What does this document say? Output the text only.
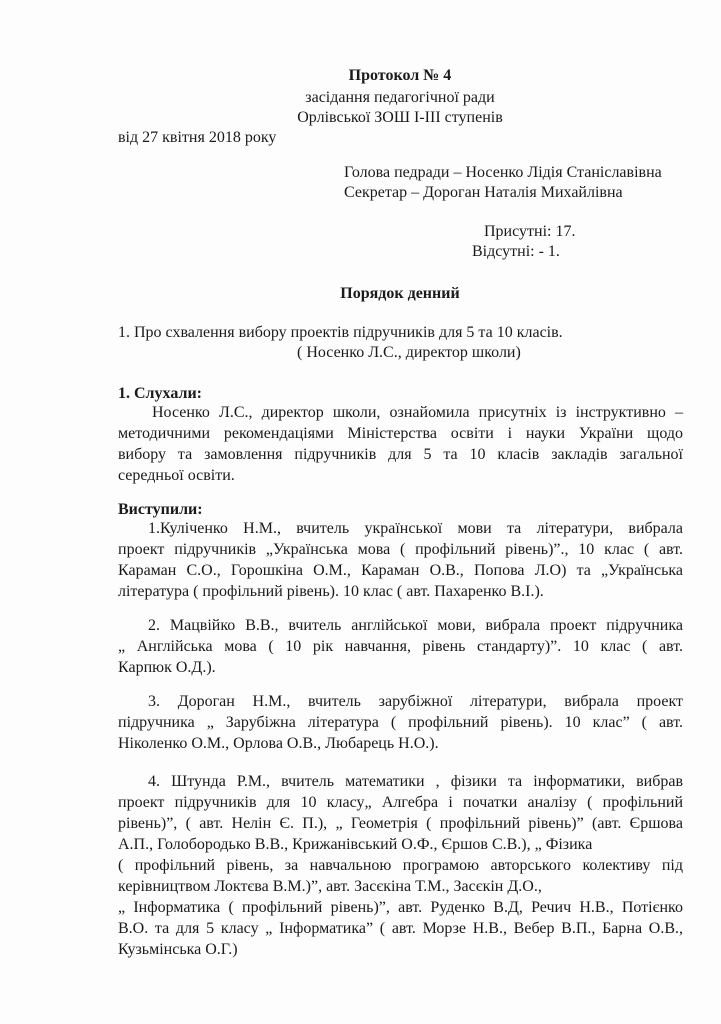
Протокол № 4
засідання педагогічної ради
Орлівської ЗОШ І-ІІІ ступенів
від 27 квітня 2018 року
Голова педради – Носенко Лідія Станіславівна
Секретар – Дороган Наталія Михайлівна
Присутні: 17.
Відсутні: - 1.
Порядок денний
1. Про схвалення вибору проектів підручників для 5 та 10 класів.
( Носенко Л.С., директор школи)
1. Слухали:
Носенко Л.С., директор школи, ознайомила присутніх із інструктивно –
методичними рекомендаціями Міністерства освіти і науки України щодо
вибору та замовлення підручників для 5 та 10 класів закладів загальної
середньої освіти.
Виступили:
1.Куліченко Н.М., вчитель української мови та літератури, вибрала
проект підручників „Українська мова ( профільний рівень)”., 10 клас ( авт.
Караман С.О., Горошкіна О.М., Караман О.В., Попова Л.О) та „Українська
література ( профільний рівень). 10 клас ( авт. Пахаренко В.І.).
2. Мацвійко В.В., вчитель англійської мови, вибрала проект підручника
„ Англійська мова ( 10 рік навчання, рівень стандарту)”. 10 клас ( авт.
Карпюк О.Д.).
3. Дороган Н.М., вчитель зарубіжної літератури, вибрала проект
підручника „ Зарубіжна література ( профільний рівень). 10 клас” ( авт.
Ніколенко О.М., Орлова О.В., Любарець Н.О.).
4. Штунда Р.М., вчитель математики , фізики та інформатики, вибрав
проект підручників для 10 класу„ Алгебра і початки аналізу ( профільний
рівень)”, ( авт. Нелін Є. П.), „ Геометрія ( профільний рівень)” (авт. Єршова
А.П., Голобородько В.В., Крижанівський О.Ф., Єршов С.В.), „ Фізика
( профільний рівень, за навчальною програмою авторського колективу під
керівництвом Локтєва В.М.)”, авт. Засєкіна Т.М., Засєкін Д.О.,
„ Інформатика ( профільний рівень)”, авт. Руденко В.Д, Речич Н.В., Потієнко
В.О. та для 5 класу „ Інформатика” ( авт. Морзе Н.В., Вебер В.П., Барна О.В.,
Кузьмінська О.Г.)
